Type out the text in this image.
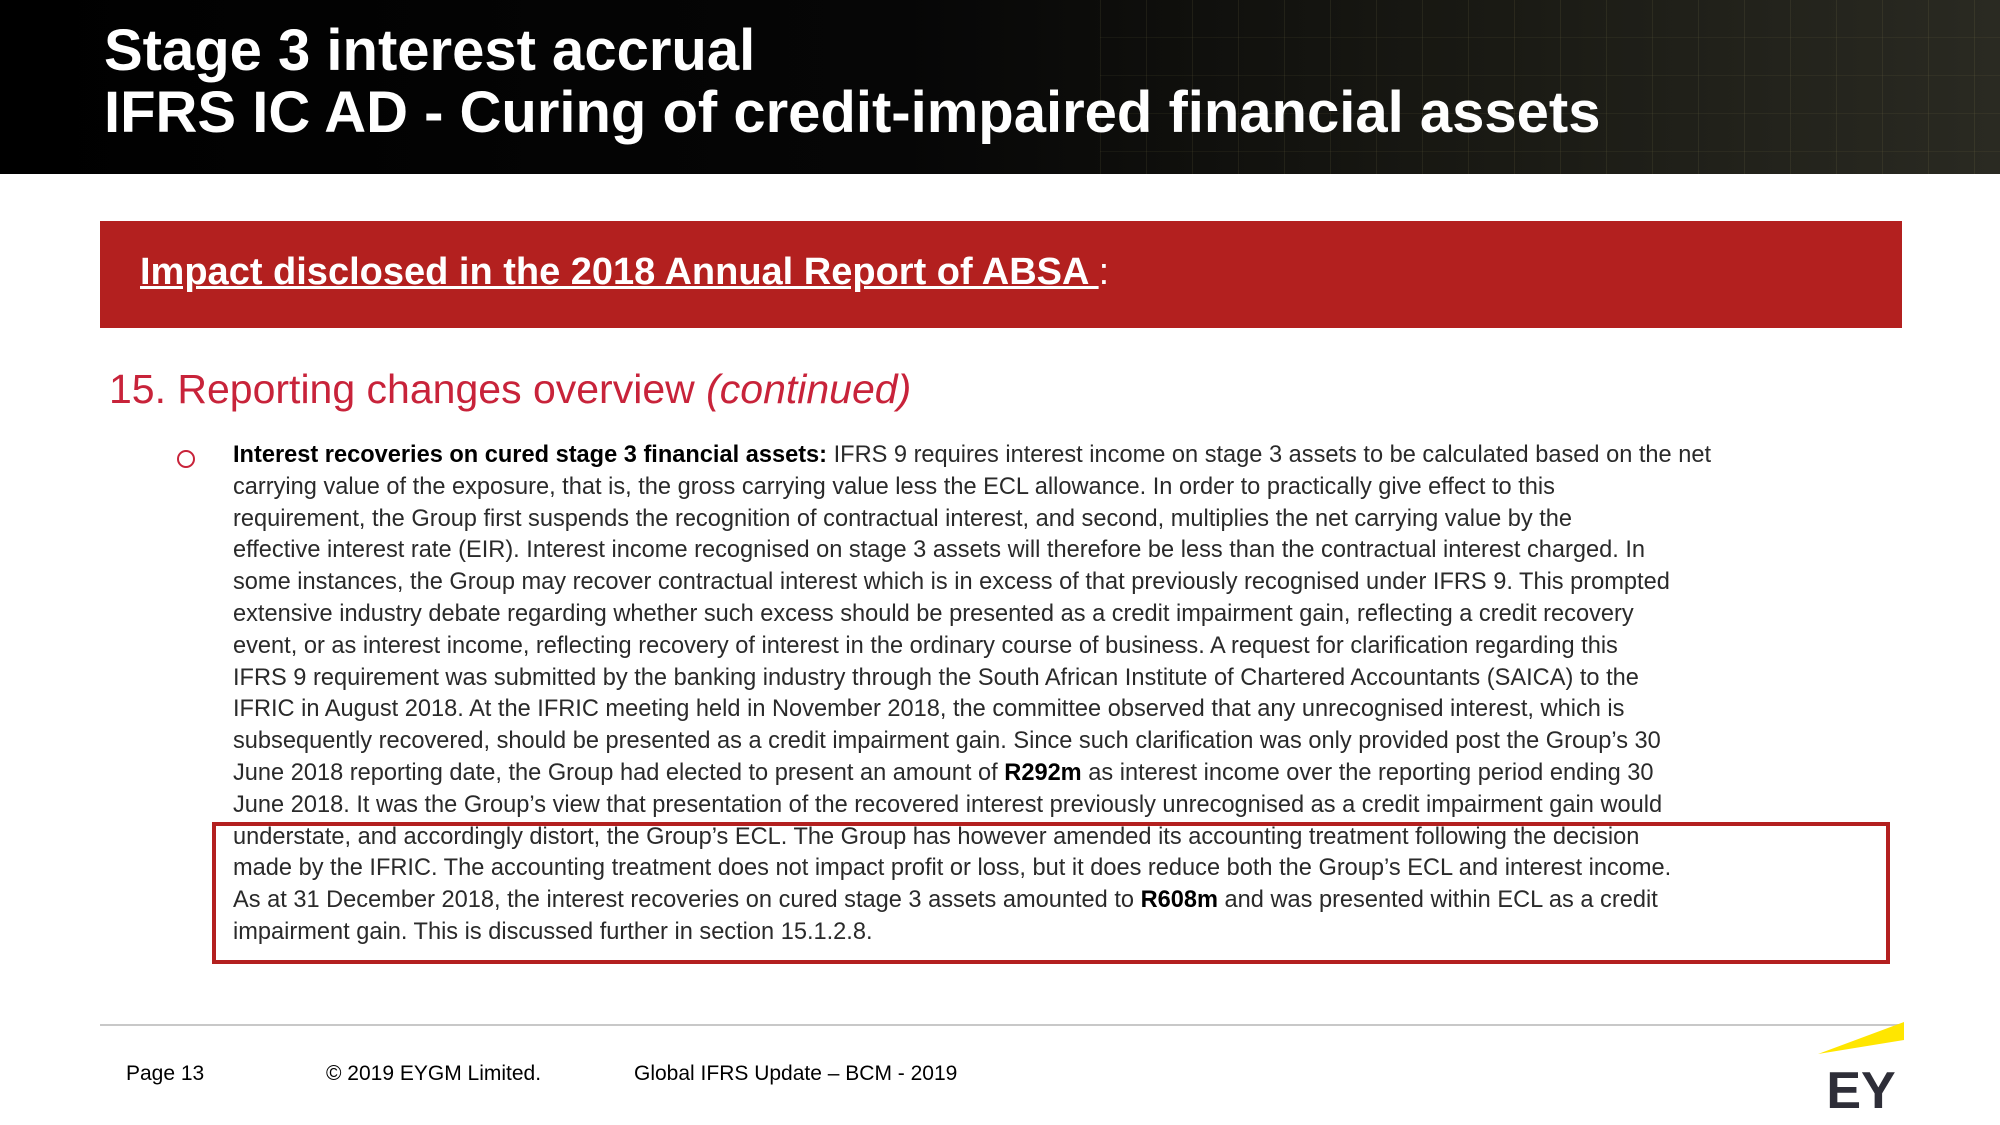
Stage 3 interest accrual
IFRS IC AD - Curing of credit-impaired financial assets
Impact disclosed in the 2018 Annual Report of ABSA :
15. Reporting changes overview (continued)
Interest recoveries on cured stage 3 financial assets: IFRS 9 requires interest income on stage 3 assets to be calculated based on the net
carrying value of the exposure, that is, the gross carrying value less the ECL allowance. In order to practically give effect to this
requirement, the Group first suspends the recognition of contractual interest, and second, multiplies the net carrying value by the
effective interest rate (EIR). Interest income recognised on stage 3 assets will therefore be less than the contractual interest charged. In
some instances, the Group may recover contractual interest which is in excess of that previously recognised under IFRS 9. This prompted
extensive industry debate regarding whether such excess should be presented as a credit impairment gain, reflecting a credit recovery
event, or as interest income, reflecting recovery of interest in the ordinary course of business. A request for clarification regarding this
IFRS 9 requirement was submitted by the banking industry through the South African Institute of Chartered Accountants (SAICA) to the
IFRIC in August 2018. At the IFRIC meeting held in November 2018, the committee observed that any unrecognised interest, which is
subsequently recovered, should be presented as a credit impairment gain. Since such clarification was only provided post the Group’s 30
June 2018 reporting date, the Group had elected to present an amount of R292m as interest income over the reporting period ending 30
June 2018. It was the Group’s view that presentation of the recovered interest previously unrecognised as a credit impairment gain would
understate, and accordingly distort, the Group’s ECL. The Group has however amended its accounting treatment following the decision
made by the IFRIC. The accounting treatment does not impact profit or loss, but it does reduce both the Group’s ECL and interest income.
As at 31 December 2018, the interest recoveries on cured stage 3 assets amounted to R608m and was presented within ECL as a credit
impairment gain. This is discussed further in section 15.1.2.8.
Page 13	© 2019 EYGM Limited.	Global IFRS Update – BCM - 2019	EY
